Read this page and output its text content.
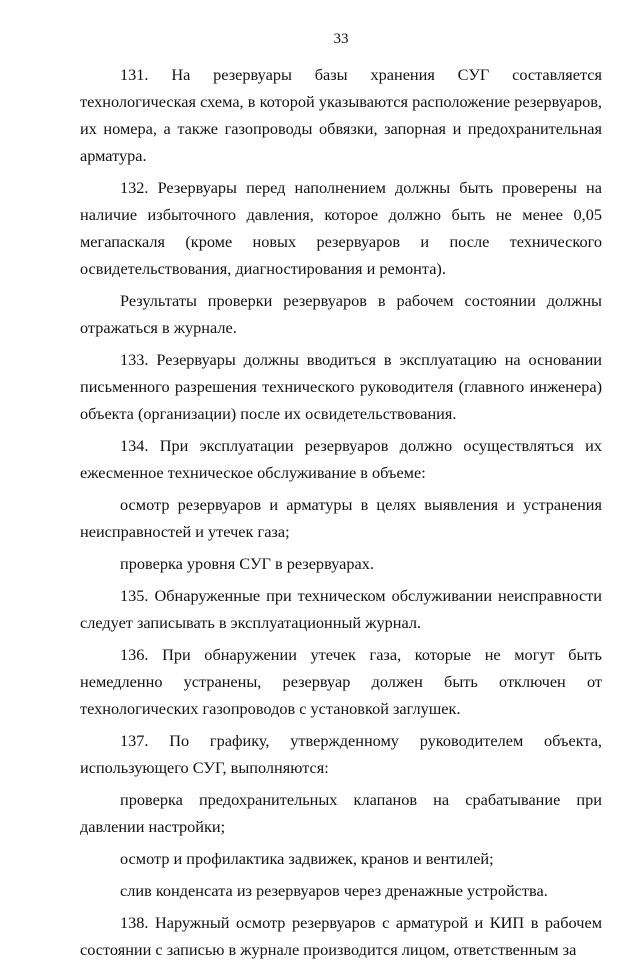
33

131. На резервуары базы хранения СУГ составляется технологическая схема, в которой указываются расположение резервуаров, их номера, а также газопроводы обвязки, запорная и предохранительная арматура.

132. Резервуары перед наполнением должны быть проверены на наличие избыточного давления, которое должно быть не менее 0,05 мегапаскаля (кроме новых резервуаров и после технического освидетельствования, диагностирования и ремонта).

Результаты проверки резервуаров в рабочем состоянии должны отражаться в журнале.

133. Резервуары должны вводиться в эксплуатацию на основании письменного разрешения технического руководителя (главного инженера) объекта (организации) после их освидетельствования.

134. При эксплуатации резервуаров должно осуществляться их ежесменное техническое обслуживание в объеме:

осмотр резервуаров и арматуры в целях выявления и устранения неисправностей и утечек газа;

проверка уровня СУГ в резервуарах.

135. Обнаруженные при техническом обслуживании неисправности следует записывать в эксплуатационный журнал.

136. При обнаружении утечек газа, которые не могут быть немедленно устранены, резервуар должен быть отключен от технологических газопроводов с установкой заглушек.

137. По графику, утвержденному руководителем объекта, использующего СУГ, выполняются:

проверка предохранительных клапанов на срабатывание при давлении настройки;

осмотр и профилактика задвижек, кранов и вентилей;

слив конденсата из резервуаров через дренажные устройства.

138. Наружный осмотр резервуаров с арматурой и КИП в рабочем состоянии с записью в журнале производится лицом, ответственным за
